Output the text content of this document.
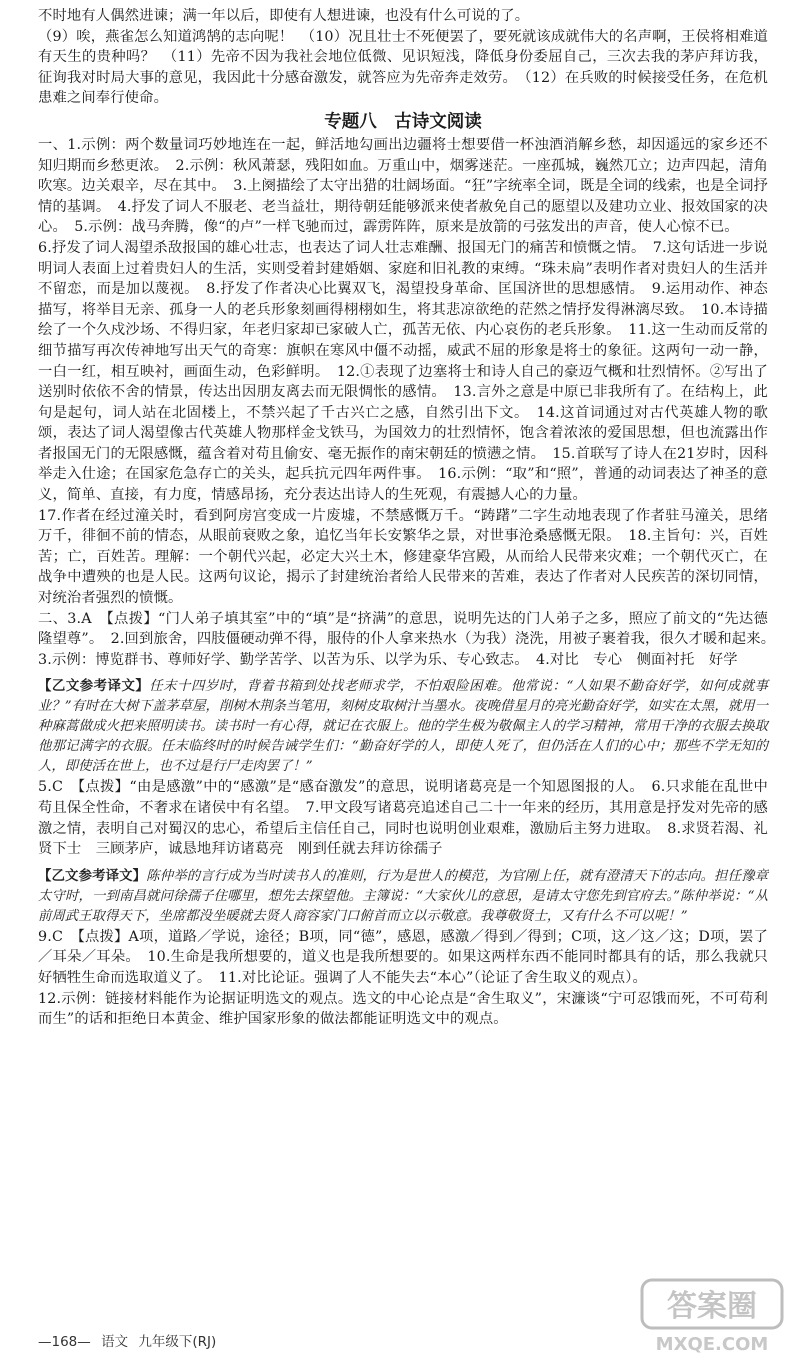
不时地有人偶然进谏；满一年以后，即使有人想进谏，也没有什么可说的了。
（9）唉，燕雀怎么知道鸿鹄的志向呢！　（10）况且壮士不死便罢了，要死就该成就伟大的名声啊，王侯将相难道有天生的贵种吗？　（11）先帝不因为我社会地位低微、见识短浅，降低身份委屈自己，三次去我的茅庐拜访我，征询我对时局大事的意见，我因此十分感奋激发，就答应为先帝奔走效劳。　（12）在兵败的时候接受任务，在危机患难之间奉行使命。

专题八　古诗文阅读

一、1.示例：两个数量词巧妙地连在一起，鲜活地勾画出边疆将士想要借一杯浊酒消解乡愁，却因遥远的家乡还不知归期而乡愁更浓。　2.示例：秋风萧瑟，残阳如血。万重山中，烟雾迷茫。一座孤城，巍然兀立；边声四起，清角吹寒。边关艰辛，尽在其中。　3.上阕描绘了太守出猎的壮阔场面。“狂”字统率全词，既是全词的线索，也是全词抒情的基调。　4.抒发了词人不服老、老当益壮，期待朝廷能够派来使者赦免自己的愿望以及建功立业、报效国家的决心。　5.示例：战马奔腾，像“的卢”一样飞驰而过，霹雳阵阵，原来是放箭的弓弦发出的声音，使人心惊不已。
6.抒发了词人渴望杀敌报国的雄心壮志，也表达了词人壮志难酬、报国无门的痛苦和愤慨之情。　7.这句话进一步说明词人表面上过着贵妇人的生活，实则受着封建婚姻、家庭和旧礼教的束缚。“珠未扃”表明作者对贵妇人的生活并不留恋，而是加以蔑视。　8.抒发了作者决心比翼双飞，渴望投身革命、匡国济世的思想感情。　9.运用动作、神态描写，将举目无亲、孤身一人的老兵形象刻画得栩栩如生，将其悲凉欲绝的茫然之情抒发得淋漓尽致。　10.本诗描绘了一个久戍沙场、不得归家，年老归家却已家破人亡，孤苦无依、内心哀伤的老兵形象。　11.这一生动而反常的细节描写再次传神地写出天气的奇寒：旗帜在寒风中僵不动摇，威武不屈的形象是将士的象征。这两句一动一静，一白一红，相互映衬，画面生动，色彩鲜明。　12.①表现了边塞将士和诗人自己的豪迈气概和壮烈情怀。②写出了送别时依依不舍的情景，传达出因朋友离去而无限惆怅的感情。　13.言外之意是中原已非我所有了。在结构上，此句是起句，词人站在北固楼上，不禁兴起了千古兴亡之感，自然引出下文。　14.这首词通过对古代英雄人物的歌颂，表达了词人渴望像古代英雄人物那样金戈铁马，为国效力的壮烈情怀，饱含着浓浓的爱国思想，但也流露出作者报国无门的无限感慨，蕴含着对苟且偷安、毫无振作的南宋朝廷的愤懑之情。　15.首联写了诗人在21岁时，因科举走入仕途；在国家危急存亡的关头，起兵抗元四年两件事。　16.示例：“取”和“照”，普通的动词表达了神圣的意义，简单、直接，有力度，情感昂扬，充分表达出诗人的生死观，有震撼人心的力量。
17.作者在经过潼关时，看到阿房宫变成一片废墟，不禁感慨万千。“踌躇”二字生动地表现了作者驻马潼关，思绪万千，徘徊不前的情态，从眼前衰败之象，追忆当年长安繁华之景，对世事沧桑感慨无限。　18.主旨句：兴，百姓苦；亡，百姓苦。理解：一个朝代兴起，必定大兴土木，修建豪华宫殿，从而给人民带来灾难；一个朝代灭亡，在战争中遭殃的也是人民。这两句议论，揭示了封建统治者给人民带来的苦难，表达了作者对人民疾苦的深切同情，对统治者强烈的愤慨。

二、3.A　【点拨】“门人弟子填其室”中的“填”是“挤满”的意思，说明先达的门人弟子之多，照应了前文的“先达德隆望尊”。　2.回到旅舍，四肢僵硬动弹不得，服侍的仆人拿来热水（为我）浇洗，用被子裹着我，很久才暖和起来。　3.示例：博览群书、尊师好学、勤学苦学、以苦为乐、以学为乐、专心致志。　4.对比　专心　侧面衬托　好学

【乙文参考译文】任末十四岁时，背着书箱到处找老师求学，不怕艰险困难。他常说：“人如果不勤奋好学，如何成就事业？”有时在大树下盖茅草屋，削树木荆条当笔用，刻树皮取树汁当墨水。夜晚借星月的亮光勤奋好学，如实在太黑，就用一种麻蒿做成火把来照明读书。读书时一有心得，就记在衣服上。他的学生极为敬佩主人的学习精神，常用干净的衣服去换取他那记满字的衣服。任末临终时的时候告诫学生们：“勤奋好学的人，即使人死了，但仍活在人们的心中；那些不学无知的人，即使活在世上，也不过是行尸走肉罢了！”

5.C　【点拨】“由是感激”中的“感激”是“感奋激发”的意思，说明诸葛亮是一个知恩图报的人。　6.只求能在乱世中苟且保全性命，不奢求在诸侯中有名望。　7.甲文段写诸葛亮追述自己二十一年来的经历，其用意是抒发对先帝的感激之情，表明自己对蜀汉的忠心，希望后主信任自己，同时也说明创业艰难，激励后主努力进取。　8.求贤若渴、礼贤下士　三顾茅庐，诚恳地拜访诸葛亮　刚到任就去拜访徐孺子

【乙文参考译文】陈仲举的言行成为当时读书人的准则，行为是世人的模范，为官刚上任，就有澄清天下的志向。担任豫章太守时，一到南昌就问徐孺子住哪里，想先去探望他。主簿说：“大家伙儿的意思，是请太守您先到官府去。”陈仲举说：“从前周武王取得天下，坐席都没坐暖就去贤人商容家门口俯首而立以示敬意。我尊敬贤士，又有什么不可以呢！”

9.C　【点拨】A项，道路／学说，途径；B项，同“德”，感恩，感激／得到／得到；C项，这／这／这；D项，罢了／耳朵／耳朵。　10.生命是我所想要的，道义也是我所想要的。如果这两样东西不能同时都具有的话，那么我就只好牺牲生命而选取道义了。　11.对比论证。强调了人不能失去“本心”（论证了舍生取义的观点）。
12.示例：链接材料能作为论据证明选文的观点。选文的中心论点是“舍生取义”，宋濂谈“宁可忍饿而死，不可苟利而生”的话和拒绝日本黄金、维护国家形象的做法都能证明选文中的观点。

—168— 语文 九年级下(RJ)
答案圈
MXQE.COM
